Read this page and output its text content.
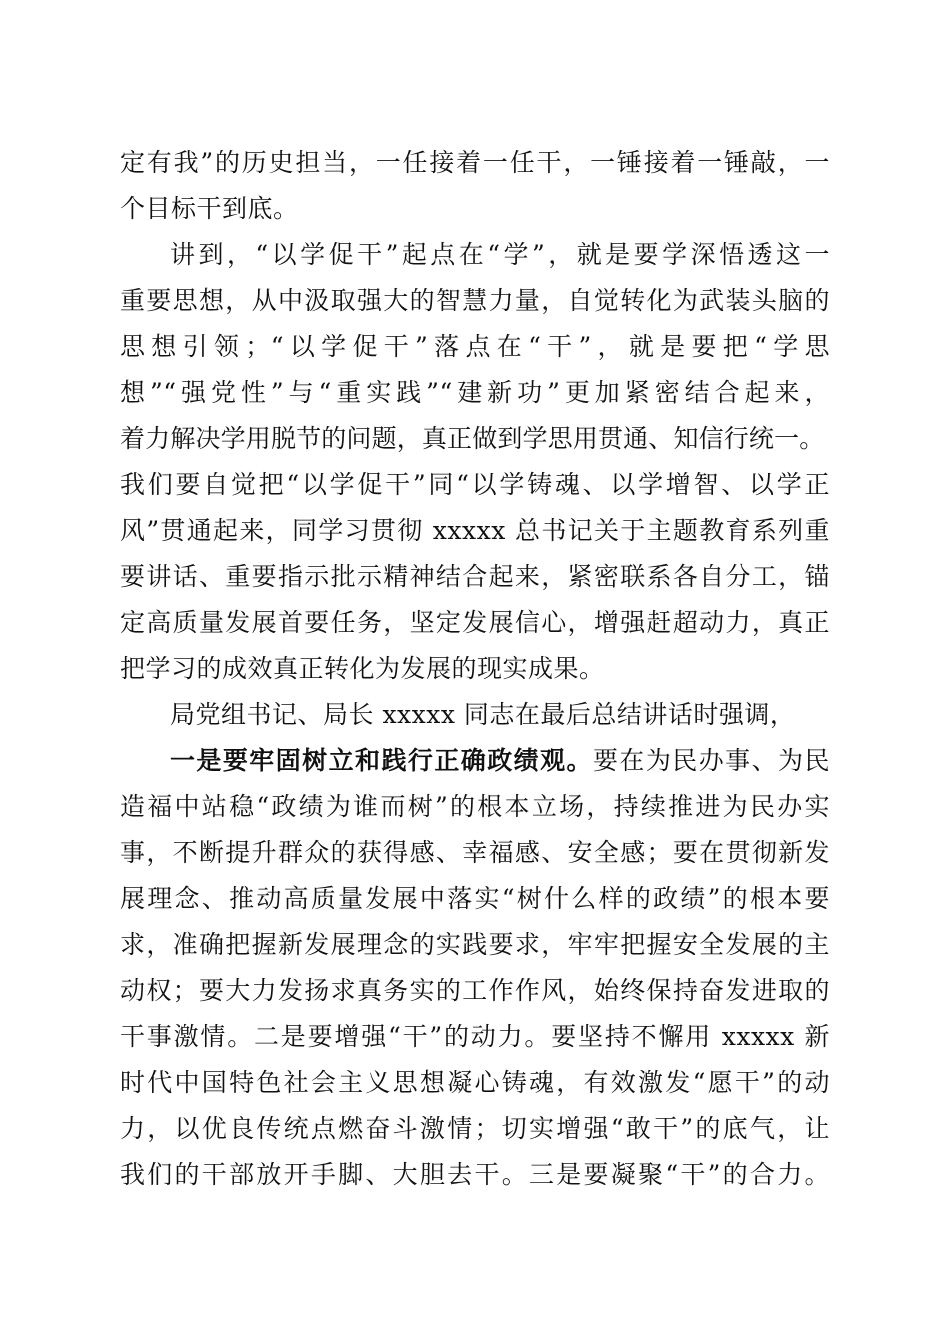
定有我”的历史担当，一任接着一任干，一锤接着一锤敲，一
个目标干到底。
讲到，“以学促干”起点在“学”，就是要学深悟透这一
重要思想，从中汲取强大的智慧力量，自觉转化为武装头脑的
思想引领；“以学促干”落点在“干”，就是要把“学思
想”“强党性”与“重实践”“建新功”更加紧密结合起来，
着力解决学用脱节的问题，真正做到学思用贯通、知信行统一。
我们要自觉把“以学促干”同“以学铸魂、以学增智、以学正
风”贯通起来，同学习贯彻 xxxxx 总书记关于主题教育系列重
要讲话、重要指示批示精神结合起来，紧密联系各自分工，锚
定高质量发展首要任务，坚定发展信心，增强赶超动力，真正
把学习的成效真正转化为发展的现实成果。
局党组书记、局长 xxxxx 同志在最后总结讲话时强调，
一是要牢固树立和践行正确政绩观。要在为民办事、为民
造福中站稳“政绩为谁而树”的根本立场，持续推进为民办实
事，不断提升群众的获得感、幸福感、安全感；要在贯彻新发
展理念、推动高质量发展中落实“树什么样的政绩”的根本要
求，准确把握新发展理念的实践要求，牢牢把握安全发展的主
动权；要大力发扬求真务实的工作作风，始终保持奋发进取的
干事激情。二是要增强“干”的动力。要坚持不懈用 xxxxx 新
时代中国特色社会主义思想凝心铸魂，有效激发“愿干”的动
力，以优良传统点燃奋斗激情；切实增强“敢干”的底气，让
我们的干部放开手脚、大胆去干。三是要凝聚“干”的合力。
